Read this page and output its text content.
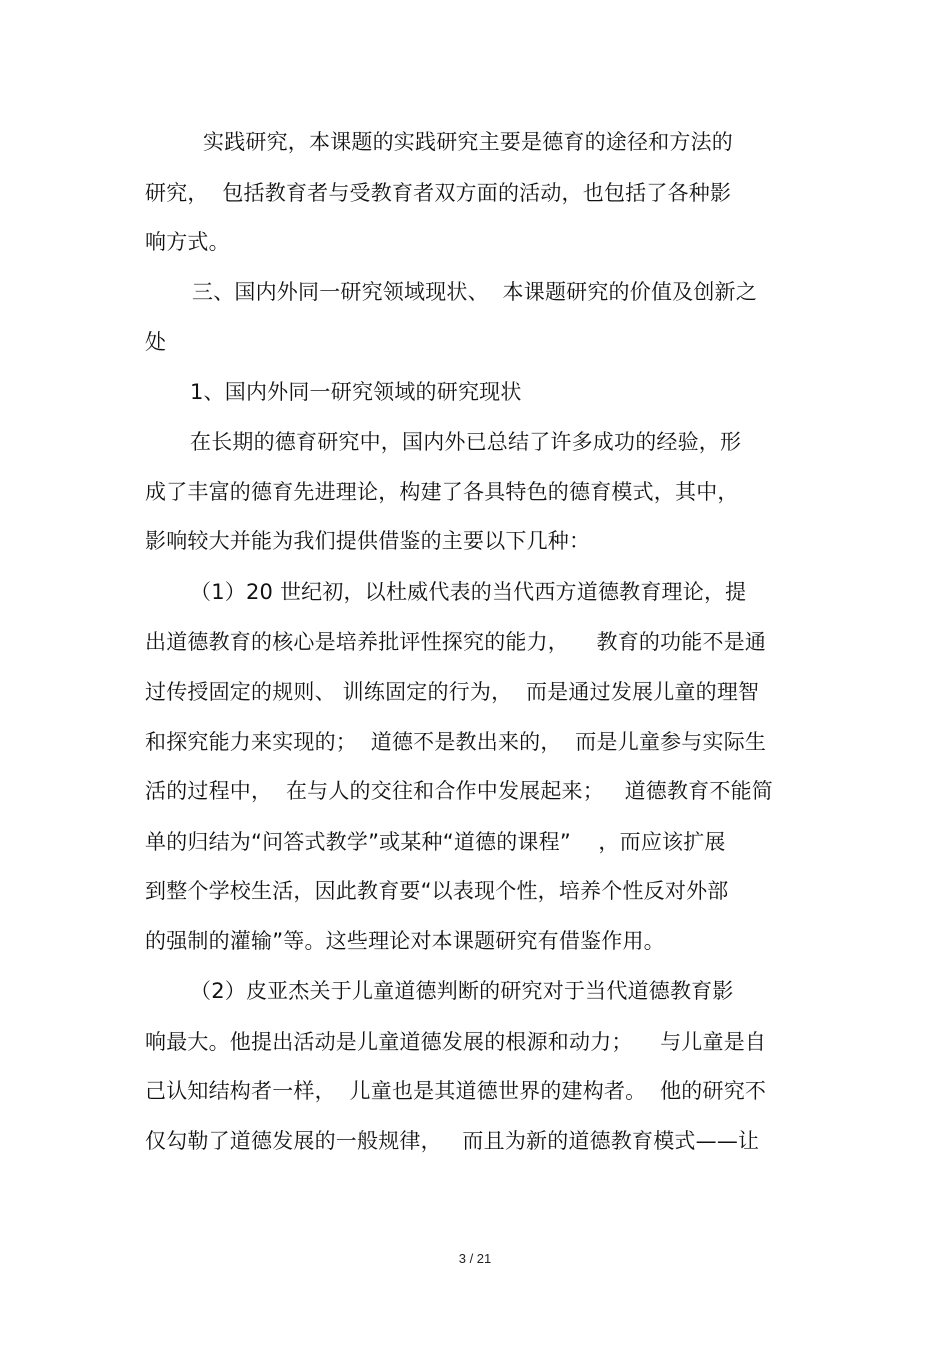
实践研究，本课题的实践研究主要是德育的途径和方法的
研究，  包括教育者与受教育者双方面的活动，也包括了各种影
响方式。
三、国内外同一研究领域现状、  本课题研究的价值及创新之
处
1、国内外同一研究领域的研究现状
在长期的德育研究中，国内外已总结了许多成功的经验，形
成了丰富的德育先进理论，构建了各具特色的德育模式，其中，
影响较大并能为我们提供借鉴的主要以下几种：
（1）20 世纪初，以杜威代表的当代西方道德教育理论，提
出道德教育的核心是培养批评性探究的能力，    教育的功能不是通
过传授固定的规则、 训练固定的行为，  而是通过发展儿童的理智
和探究能力来实现的；  道德不是教出来的，  而是儿童参与实际生
活的过程中，  在与人的交往和合作中发展起来；   道德教育不能简
单的归结为“问答式教学”或某种“道德的课程”    ，而应该扩展
到整个学校生活，因此教育要“以表现个性，培养个性反对外部
的强制的灌输”等。这些理论对本课题研究有借鉴作用。
（2）皮亚杰关于儿童道德判断的研究对于当代道德教育影
响最大。他提出活动是儿童道德发展的根源和动力；    与儿童是自
己认知结构者一样，  儿童也是其道德世界的建构者。  他的研究不
仅勾勒了道德发展的一般规律，   而且为新的道德教育模式——让
3 / 21
